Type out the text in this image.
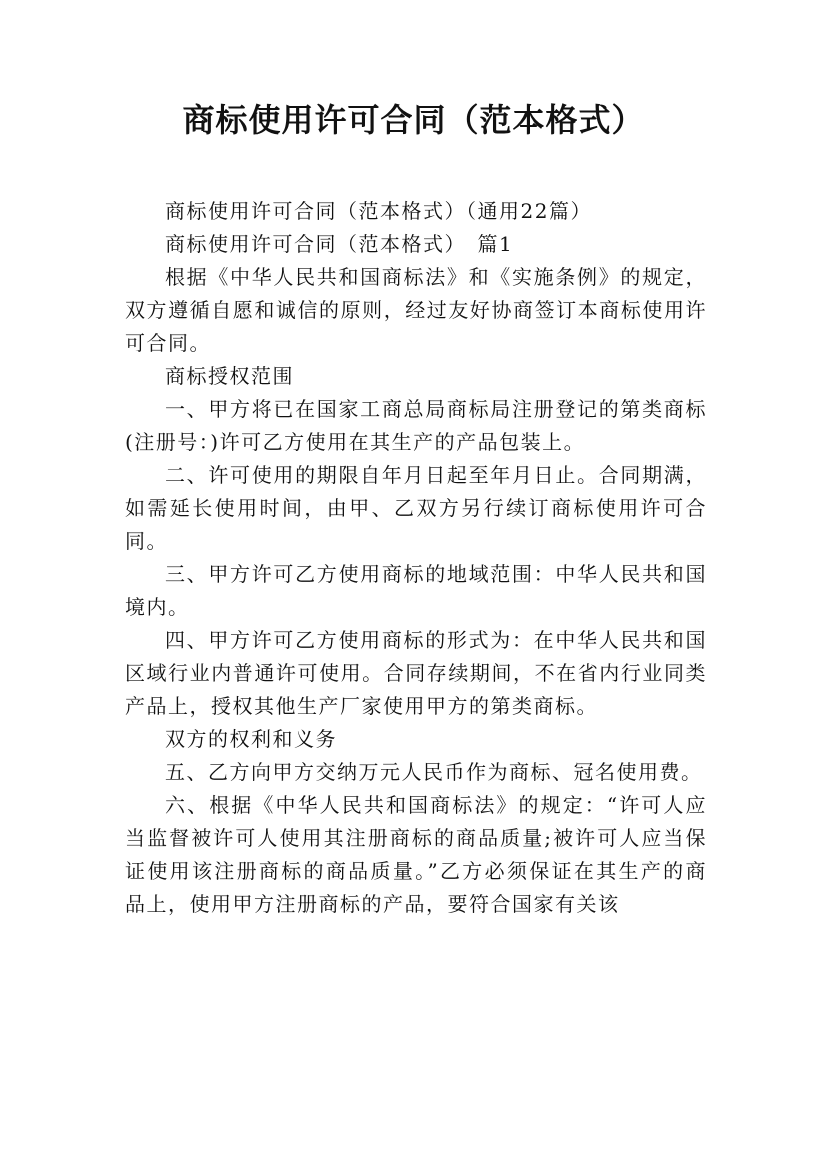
商标使用许可合同（范本格式）

商标使用许可合同（范本格式）（通用22篇）

商标使用许可合同（范本格式）　篇1

根据《中华人民共和国商标法》和《实施条例》的规定，双方遵循自愿和诚信的原则，经过友好协商签订本商标使用许可合同。

商标授权范围

一、甲方将已在国家工商总局商标局注册登记的第类商标(注册号：)许可乙方使用在其生产的产品包装上。

二、许可使用的期限自年月日起至年月日止。合同期满，如需延长使用时间，由甲、乙双方另行续订商标使用许可合同。

三、甲方许可乙方使用商标的地域范围：中华人民共和国境内。

四、甲方许可乙方使用商标的形式为：在中华人民共和国区域行业内普通许可使用。合同存续期间，不在省内行业同类产品上，授权其他生产厂家使用甲方的第类商标。

双方的权利和义务

五、乙方向甲方交纳万元人民币作为商标、冠名使用费。

六、根据《中华人民共和国商标法》的规定：“许可人应当监督被许可人使用其注册商标的商品质量;被许可人应当保证使用该注册商标的商品质量。”乙方必须保证在其生产的商品上，使用甲方注册商标的产品，要符合国家有关该
